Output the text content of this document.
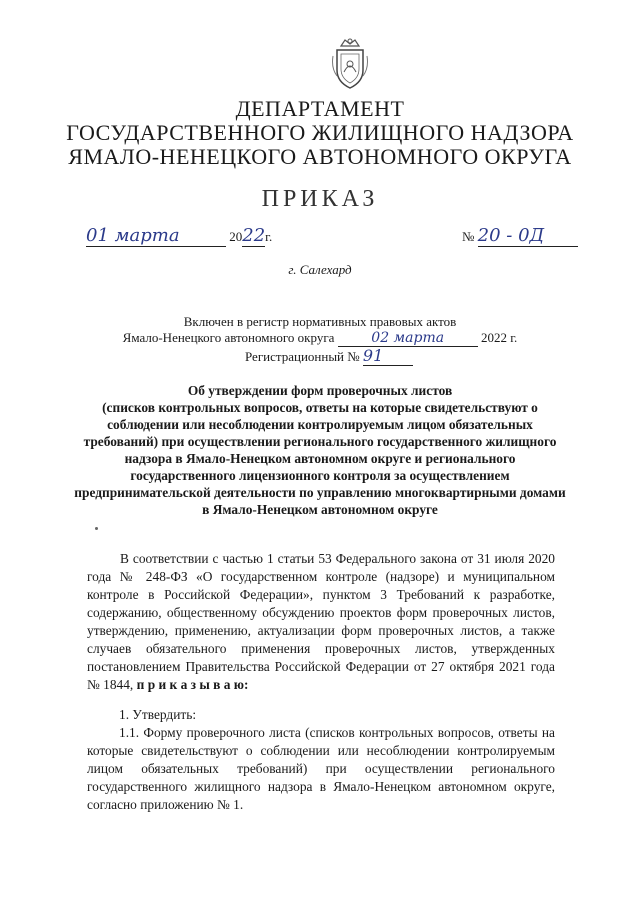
ДЕПАРТАМЕНТ
ГОСУДАРСТВЕННОГО ЖИЛИЩНОГО НАДЗОРА
ЯМАЛО-НЕНЕЦКОГО АВТОНОМНОГО ОКРУГА
ПРИКАЗ
01 марта	2022г.	№ 20 - 0Д
г. Салехард
Включен в регистр нормативных правовых актов
Ямало-Ненецкого автономного округа	02 марта	2022 г.
Регистрационный № 91
Об утверждении форм проверочных листов
(списков контрольных вопросов, ответы на которые свидетельствуют о
соблюдении или несоблюдении контролируемым лицом обязательных
требований) при осуществлении регионального государственного жилищного
надзора в Ямало-Ненецком автономном округе и регионального
государственного лицензионного контроля за осуществлением
предпринимательской деятельности по управлению многоквартирными домами
в Ямало-Ненецком автономном округе
В соответствии с частью 1 статьи 53 Федерального закона от 31 июля 2020 года № 248-ФЗ «О государственном контроле (надзоре) и муниципальном контроле в Российской Федерации», пунктом 3 Требований к разработке, содержанию, общественному обсуждению проектов форм проверочных листов, утверждению, применению, актуализации форм проверочных листов, а также случаев обязательного применения проверочных листов, утвержденных постановлением Правительства Российской Федерации от 27 октября 2021 года № 1844, п р и к а з ы в а ю:
1. Утвердить:
1.1. Форму проверочного листа (списков контрольных вопросов, ответы на которые свидетельствуют о соблюдении или несоблюдении контролируемым лицом обязательных требований) при осуществлении регионального государственного жилищного надзора в Ямало-Ненецком автономном округе, согласно приложению № 1.
